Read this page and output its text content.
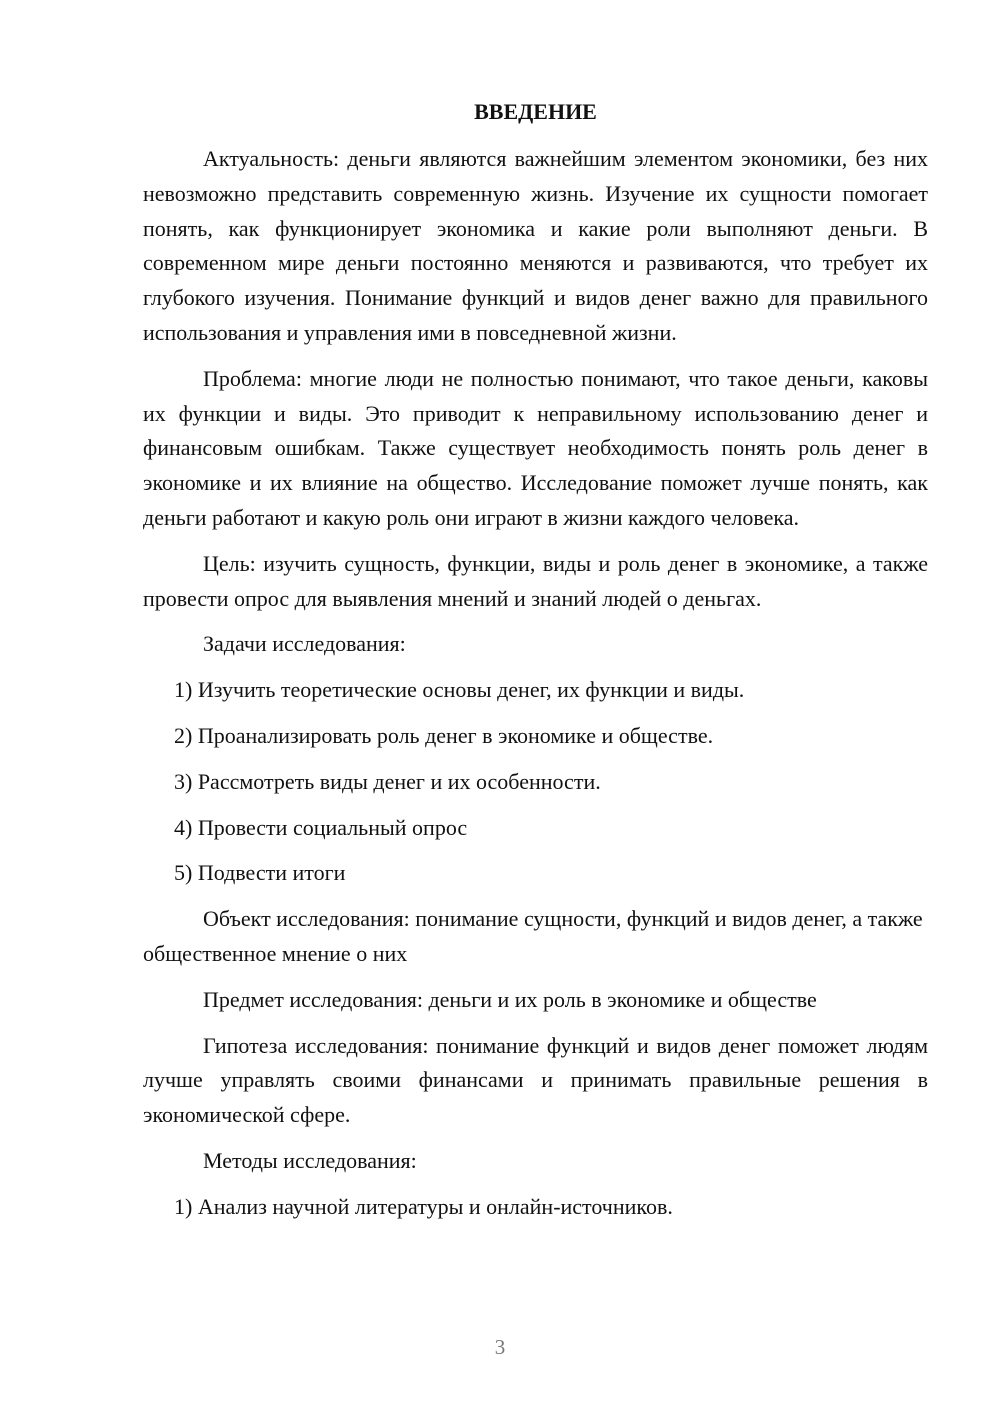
ВВЕДЕНИЕ

Актуальность: деньги являются важнейшим элементом экономики, без них невозможно представить современную жизнь. Изучение их сущности помогает понять, как функционирует экономика и какие роли выполняют деньги. В современном мире деньги постоянно меняются и развиваются, что требует их глубокого изучения. Понимание функций и видов денег важно для правильного использования и управления ими в повседневной жизни.

Проблема: многие люди не полностью понимают, что такое деньги, каковы их функции и виды. Это приводит к неправильному использованию денег и финансовым ошибкам. Также существует необходимость понять роль денег в экономике и их влияние на общество. Исследование поможет лучше понять, как деньги работают и какую роль они играют в жизни каждого человека.

Цель: изучить сущность, функции, виды и роль денег в экономике, а также провести опрос для выявления мнений и знаний людей о деньгах.

Задачи исследования:

1) Изучить теоретические основы денег, их функции и виды.

2) Проанализировать роль денег в экономике и обществе.

3) Рассмотреть виды денег и их особенности.

4) Провести социальный опрос

5) Подвести итоги

Объект исследования: понимание сущности, функций и видов денег, а также общественное мнение о них

Предмет исследования: деньги и их роль в экономике и обществе

Гипотеза исследования: понимание функций и видов денег поможет людям лучше управлять своими финансами и принимать правильные решения в экономической сфере.

Методы исследования:

1) Анализ научной литературы и онлайн-источников.

3
